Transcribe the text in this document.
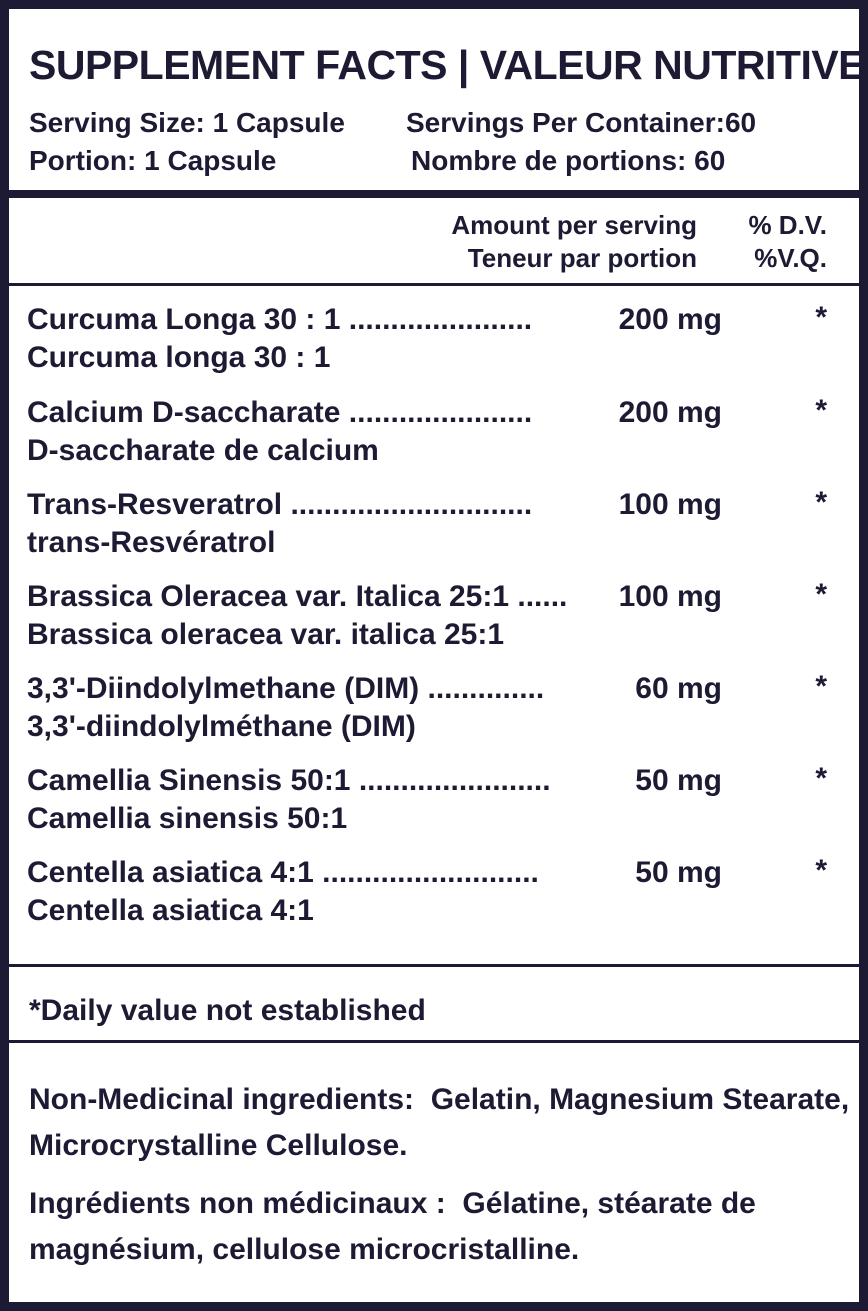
SUPPLEMENT FACTS | VALEUR NUTRITIVE
Serving Size: 1 Capsule
Portion: 1 Capsule
Servings Per Container:60
Nombre de portions: 60
Amount per serving
Teneur par portion
% D.V.
%V.Q.
Curcuma Longa 30 : 1 ......................
Curcuma longa 30 : 1
200 mg	*
Calcium D-saccharate ......................
D-saccharate de calcium
200 mg	*
Trans-Resveratrol .............................
trans-Resvératrol
100 mg	*
Brassica Oleracea var. Italica 25:1 ......
Brassica oleracea var. italica 25:1
100 mg	*
3,3'-Diindolylmethane (DIM) ..............
3,3'-diindolylméthane (DIM)
60 mg	*
Camellia Sinensis 50:1 .......................
Camellia sinensis 50:1
50 mg	*
Centella asiatica 4:1 ..........................
Centella asiatica 4:1
50 mg	*
*Daily value not established
Non-Medicinal ingredients: Gelatin, Magnesium Stearate, Microcrystalline Cellulose.
Ingrédients non médicinaux : Gélatine, stéarate de magnésium, cellulose microcristalline.
